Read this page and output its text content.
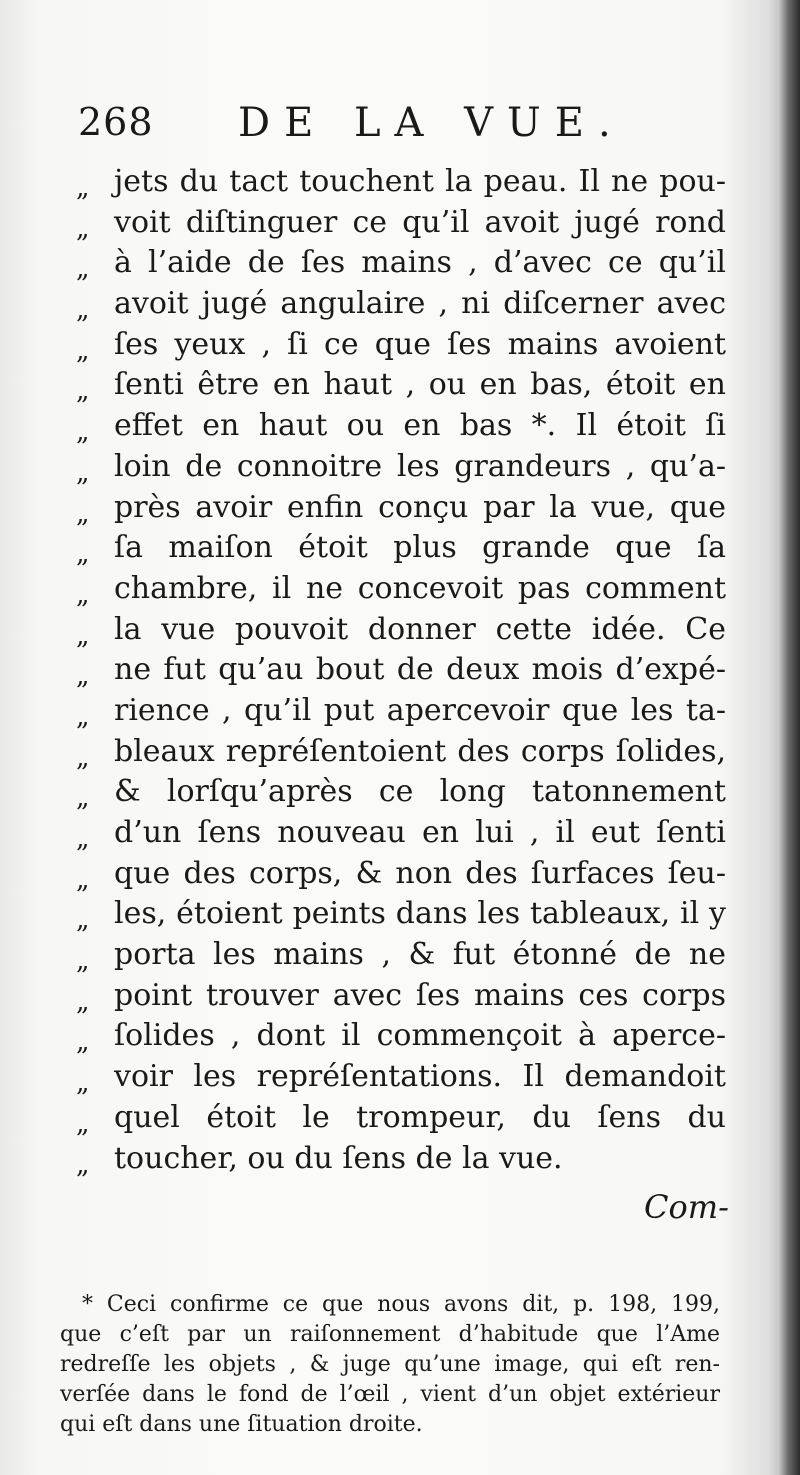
268 DE LA VUE.
„ jets du tact touchent la peau. Il ne pou-
„ voit diſtinguer ce qu’il avoit jugé rond
„ à l’aide de ſes mains , d’avec ce qu’il
„ avoit jugé angulaire , ni diſcerner avec
„ ſes yeux , ſi ce que ſes mains avoient
„ ſenti être en haut , ou en bas, étoit en
„ effet en haut ou en bas *. Il étoit ſi
„ loin de connoitre les grandeurs , qu’a-
„ près avoir enfin conçu par la vue, que
„ ſa maiſon étoit plus grande que ſa
„ chambre, il ne concevoit pas comment
„ la vue pouvoit donner cette idée. Ce
„ ne fut qu’au bout de deux mois d’expé-
„ rience , qu’il put apercevoir que les ta-
„ bleaux repréſentoient des corps ſolides,
„ & lorſqu’après ce long tatonnement
„ d’un ſens nouveau en lui , il eut ſenti
„ que des corps, & non des ſurfaces ſeu-
„ les, étoient peints dans les tableaux, il y
„ porta les mains , & fut étonné de ne
„ point trouver avec ſes mains ces corps
„ ſolides , dont il commençoit à aperce-
„ voir les repréſentations. Il demandoit
„ quel étoit le trompeur, du ſens du
„ toucher, ou du ſens de la vue.
Com-
* Ceci confirme ce que nous avons dit, p. 198, 199,
que c’eſt par un raiſonnement d’habitude que l’Ame
redreſſe les objets , & juge qu’une image, qui eſt ren-
verſée dans le fond de l’œil , vient d’un objet extérieur
qui eſt dans une ſituation droite.
